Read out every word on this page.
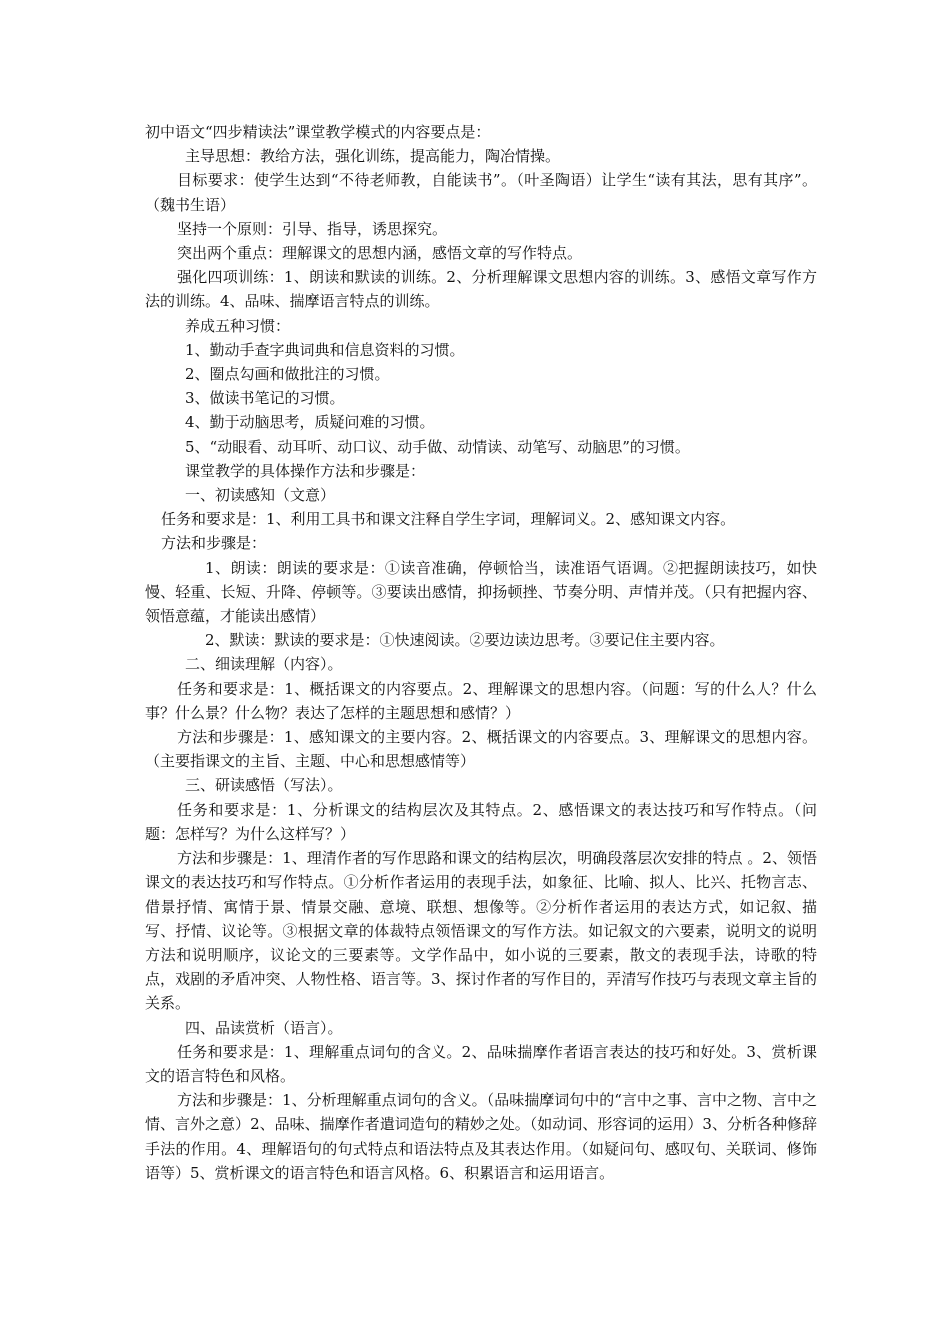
初中语文“四步精读法”课堂教学模式的内容要点是：

主导思想：教给方法，强化训练，提高能力，陶冶情操。

目标要求：使学生达到“不待老师教，自能读书”。（叶圣陶语）让学生“读有其法，思有其序”。（魏书生语）

坚持一个原则：引导、指导，诱思探究。

突出两个重点：理解课文的思想内涵，感悟文章的写作特点。

强化四项训练：1、朗读和默读的训练。2、分析理解课文思想内容的训练。3、感悟文章写作方法的训练。4、品味、揣摩语言特点的训练。

养成五种习惯：

1、勤动手查字典词典和信息资料的习惯。

2、圈点勾画和做批注的习惯。

3、做读书笔记的习惯。

4、勤于动脑思考，质疑问难的习惯。

5、“动眼看、动耳听、动口议、动手做、动情读、动笔写、动脑思”的习惯。

课堂教学的具体操作方法和步骤是：

一、初读感知（文意）

任务和要求是：1、利用工具书和课文注释自学生字词，理解词义。2、感知课文内容。

方法和步骤是：

1、朗读：朗读的要求是：①读音准确，停顿恰当，读准语气语调。②把握朗读技巧，如快慢、轻重、长短、升降、停顿等。③要读出感情，抑扬顿挫、节奏分明、声情并茂。（只有把握内容、领悟意蕴，才能读出感情）

2、默读：默读的要求是：①快速阅读。②要边读边思考。③要记住主要内容。

二、细读理解（内容）。

任务和要求是：1、概括课文的内容要点。2、理解课文的思想内容。（问题：写的什么人？什么事？什么景？什么物？表达了怎样的主题思想和感情？）

方法和步骤是：1、感知课文的主要内容。2、概括课文的内容要点。3、理解课文的思想内容。（主要指课文的主旨、主题、中心和思想感情等）

三、研读感悟（写法）。

任务和要求是：1、分析课文的结构层次及其特点。2、感悟课文的表达技巧和写作特点。（问题：怎样写？为什么这样写？）

方法和步骤是：1、理清作者的写作思路和课文的结构层次，明确段落层次安排的特点 。2、领悟课文的表达技巧和写作特点。①分析作者运用的表现手法，如象征、比喻、拟人、比兴、托物言志、借景抒情、寓情于景、情景交融、意境、联想、想像等。②分析作者运用的表达方式，如记叙、描写、抒情、议论等。③根据文章的体裁特点领悟课文的写作方法。如记叙文的六要素，说明文的说明方法和说明顺序，议论文的三要素等。文学作品中，如小说的三要素，散文的表现手法，诗歌的特点，戏剧的矛盾冲突、人物性格、语言等。3、探讨作者的写作目的，弄清写作技巧与表现文章主旨的关系。

四、品读赏析（语言）。

任务和要求是：1、理解重点词句的含义。2、品味揣摩作者语言表达的技巧和好处。3、赏析课文的语言特色和风格。

方法和步骤是：1、分析理解重点词句的含义。（品味揣摩词句中的“言中之事、言中之物、言中之情、言外之意）2、品味、揣摩作者遣词造句的精妙之处。（如动词、形容词的运用）3、分析各种修辞手法的作用。4、理解语句的句式特点和语法特点及其表达作用。（如疑问句、感叹句、关联词、修饰语等）5、赏析课文的语言特色和语言风格。6、积累语言和运用语言。
